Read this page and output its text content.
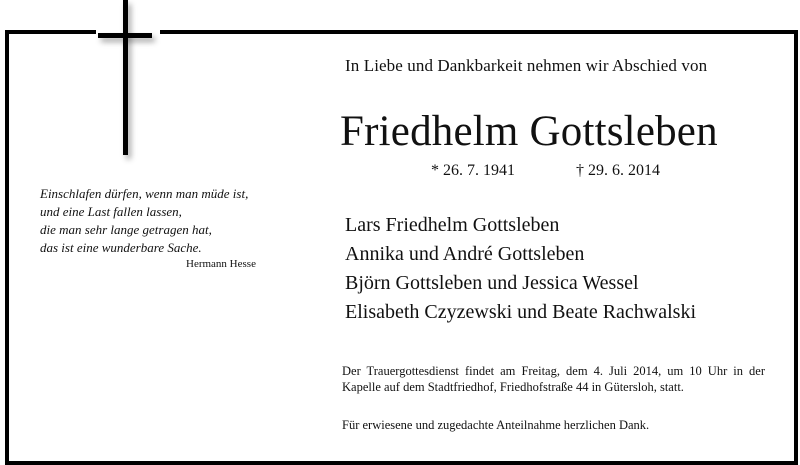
In Liebe und Dankbarkeit nehmen wir Abschied von
Friedhelm Gottsleben
* 26. 7. 1941	† 29. 6. 2014
Einschlafen dürfen, wenn man müde ist,
und eine Last fallen lassen,
die man sehr lange getragen hat,
das ist eine wunderbare Sache.
Hermann Hesse
Lars Friedhelm Gottsleben
Annika und André Gottsleben
Björn Gottsleben und Jessica Wessel
Elisabeth Czyzewski und Beate Rachwalski
Der Trauergottesdienst findet am Freitag, dem 4. Juli 2014, um 10 Uhr in der Kapelle auf dem Stadtfriedhof, Friedhofstraße 44 in Gütersloh, statt.
Für erwiesene und zugedachte Anteilnahme herzlichen Dank.
